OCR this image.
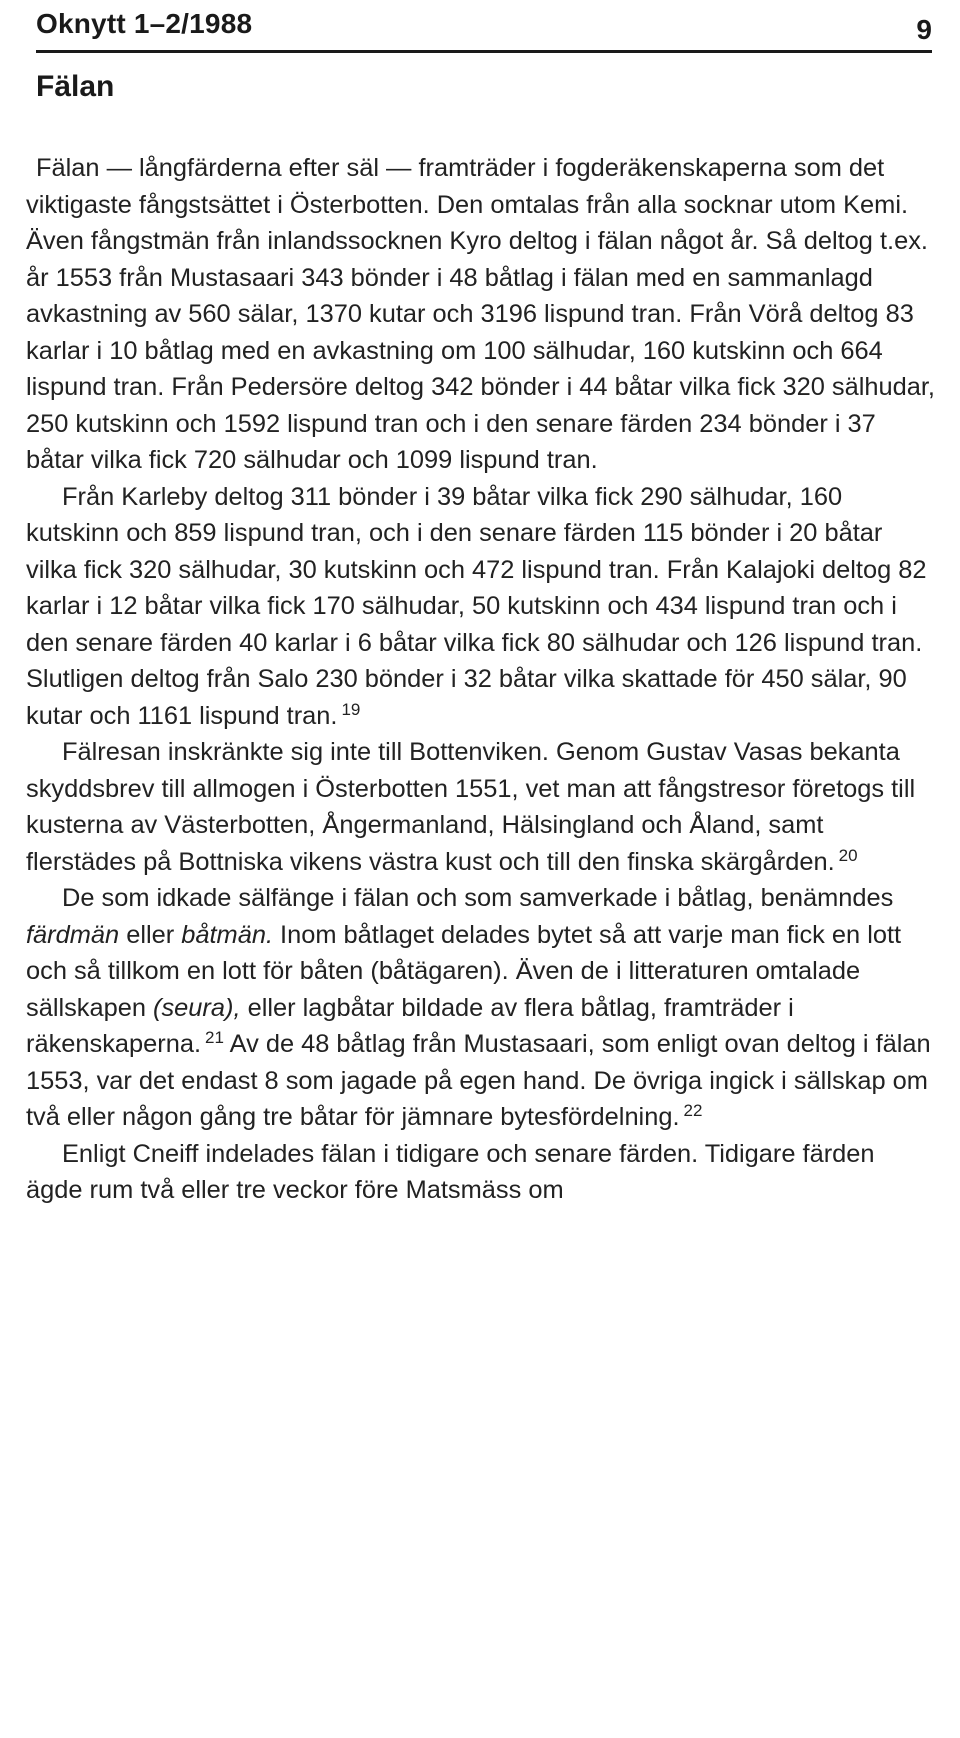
Oknytt 1–2/1988	9
Fälan

Fälan — långfärderna efter säl — framträder i fogderäkenskaperna som det viktigaste fångstsättet i Österbotten. Den omtalas från alla socknar utom Kemi. Även fångstmän från inlandssocknen Kyro deltog i fälan något år. Så deltog t.ex. år 1553 från Mustasaari 343 bönder i 48 båtlag i fälan med en sammanlagd avkastning av 560 sälar, 1370 kutar och 3196 lispund tran. Från Vörå deltog 83 karlar i 10 båtlag med en avkastning om 100 sälhudar, 160 kutskinn och 664 lispund tran. Från Pedersöre deltog 342 bönder i 44 båtar vilka fick 320 sälhudar, 250 kutskinn och 1592 lispund tran och i den senare färden 234 bönder i 37 båtar vilka fick 720 sälhudar och 1099 lispund tran.

Från Karleby deltog 311 bönder i 39 båtar vilka fick 290 sälhudar, 160 kutskinn och 859 lispund tran, och i den senare färden 115 bönder i 20 båtar vilka fick 320 sälhudar, 30 kutskinn och 472 lispund tran. Från Kalajoki deltog 82 karlar i 12 båtar vilka fick 170 sälhudar, 50 kutskinn och 434 lispund tran och i den senare färden 40 karlar i 6 båtar vilka fick 80 sälhudar och 126 lispund tran. Slutligen deltog från Salo 230 bönder i 32 båtar vilka skattade för 450 sälar, 90 kutar och 1161 lispund tran. $^{19}$

Fälresan inskränkte sig inte till Bottenviken. Genom Gustav Vasas bekanta skyddsbrev till allmogen i Österbotten 1551, vet man att fångstresor företogs till kusterna av Västerbotten, Ångermanland, Hälsingland och Åland, samt flerstädes på Bottniska vikens västra kust och till den finska skärgården. $^{20}$

De som idkade sälfänge i fälan och som samverkade i båtlag, benämndes färdmän eller båtmän. Inom båtlaget delades bytet så att varje man fick en lott och så tillkom en lott för båten (båtägaren). Även de i litteraturen omtalade sällskapen (seura), eller lagbåtar bildade av flera båtlag, framträder i räkenskaperna. $^{21}$ Av de 48 båtlag från Mustasaari, som enligt ovan deltog i fälan 1553, var det endast 8 som jagade på egen hand. De övriga ingick i sällskap om två eller någon gång tre båtar för jämnare bytesfördelning. $^{22}$

Enligt Cneiff indelades fälan i tidigare och senare färden. Tidigare färden ägde rum två eller tre veckor före Matsmäss om
